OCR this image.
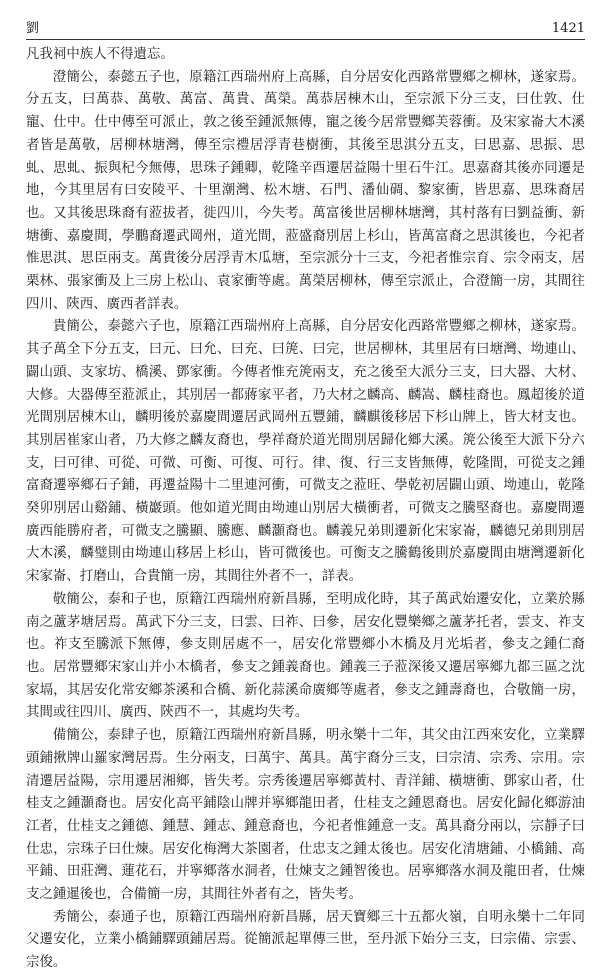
劉	1421

凡我祠中族人不得遺忘。

澄簡公，泰懿五子也，原籍江西瑞州府上高縣，自分居安化西路常豐鄉之柳林，遂家焉。分五支，曰萬恭、萬敬、萬富、萬貴、萬榮。萬恭居棟木山，至宗派下分三支，曰仕敦、仕寵、仕中。仕中傳至可派止，敦之後至鍾派無傳，寵之後今居常豐鄉芙蓉衝。及宋家崙大木溪者皆是萬敬，居柳林塘灣，傳至宗禮居浮青巷樹衝，其後至思淇分五支，曰思嘉、思振、思虬、思虬、振與杞今無傳，思珠子鍾卿，乾隆辛酉遷居益陽十里石牛江。思嘉裔其後亦同遷是地，今其里居有曰安陵平、十里潮灣、松木塘、石門、潘仙碉、黎家衝，皆思嘉、思珠裔居也。又其後思珠裔有蒞拔者，徙四川，今失考。萬富後世居柳林塘灣，其村落有曰劉益衝、新塘衝、嘉慶間，學鵬裔遷武岡州，道光間，蒞盛裔別居上杉山，皆萬富裔之思淇後也，今祀者惟思淇、思臣兩支。萬貴後分居浮青木瓜塘，至宗派分十三支，今祀者惟宗育、宗令兩支，居栗林、張家衝及上三房上松山、袁家衝等處。萬榮居柳林，傳至宗派止，合澄簡一房，其間往四川、陝西、廣西者詳表。

貴簡公，泰懿六子也，原籍江西瑞州府上高縣，自分居安化西路常豐鄉之柳林，遂家焉。其子萬全下分五支，曰元、曰允、曰充、曰箎、曰完，世居柳林，其里居有曰塘灣、坳連山、闢山頭、支家坊、橋溪、鄧家衝。今傳者惟充箎兩支，充之後至大派分三支，曰大器、大材、大修。大器傳至蒞派止，其別居一都蔣家平者，乃大材之麟高、麟嵩、麟桂裔也。鳳超後於道光間別居棟木山，麟明後於嘉慶間遷居武岡州五豐鋪，麟麒後移居下杉山牌上，皆大材支也。其別居崔家山者，乃大修之麟友裔也，學祥裔於道光間別居歸化鄉大溪。箎公後至大派下分六支，曰可律、可從、可微、可衡、可復、可行。律、復、行三支皆無傳，乾隆間，可從支之鍾富裔遷寧鄉石子鋪，再遷益陽十二里連河衝，可微支之蒞旺、學乾初居闢山頭、坳連山，乾隆癸卯別居山谿鋪、橫巖頭。他如道光間由坳連山別居大橫衝者，可微支之騰堅裔也。嘉慶間遷廣西能勝府者，可微支之騰顯、騰應、麟灝裔也。麟義兄弟則遷新化宋家崙，麟德兄弟則別居大木溪，麟璧則由坳連山移居上杉山，皆可微後也。可衡支之騰鶴後則於嘉慶間由塘灣遷新化宋家崙、打磨山，合貴簡一房，其間往外者不一，詳表。

敬簡公，泰和子也，原籍江西瑞州府新昌縣，至明成化時，其子萬武始遷安化，立業於縣南之蘆茅塘居焉。萬武下分三支，曰雲、曰祚、曰參，居安化豐樂鄉之蘆茅托者，雲支、祚支也。祚支至騰派下無傳，參支則居處不一，居安化常豐鄉小木橋及月光垢者，參支之鍾仁裔也。居常豐鄉宋家山并小木橋者，參支之鍾義裔也。鍾義三子蒞深後又遷居寧鄉九都三區之沈家塥，其居安化常安鄉茶溪和合橋、新化蒜溪命廣鄉等處者，參支之鍾壽裔也，合敬簡一房，其間或往四川、廣西、陝西不一，其處均失考。

備簡公，泰肆子也，原籍江西瑞州府新昌縣，明永樂十二年，其父由江西來安化，立業驛頭鋪揪牌山羅家灣居焉。生分兩支，曰萬宇、萬具。萬宇裔分三支，曰宗清、宗秀、宗用。宗清遷居益陽，宗用遷居湘鄉，皆失考。宗秀後遷居寧鄉黃村、青洋鋪、橫塘衝、鄧家山者，仕桂支之鍾灝裔也。居安化高平鋪陰山牌并寧鄉龍田者，仕桂支之鍾恩裔也。居安化歸化鄉游油江者，仕桂支之鍾德、鍾慧、鍾志、鍾意裔也，今祀者惟鍾意一支。萬具裔分兩以，宗靜子曰仕忠，宗珠子曰仕煉。居安化梅灣大茶園者，仕忠支之鍾太後也。居安化清塘鋪、小橋鋪、高平鋪、田莊灣、蓮花石，并寧鄉落水洞者，仕煉支之鍾智後也。居寧鄉落水洞及龍田者，仕煉支之鍾暹後也，合備簡一房，其間往外者有之，皆失考。

秀簡公，泰通子也，原籍江西瑞州府新昌縣，居天寶鄉三十五都火嶺，自明永樂十二年同父遷安化，立業小橋鋪驛頭鋪居焉。從簡派起單傳三世，至丹派下始分三支，曰宗備、宗雲、宗俊。
